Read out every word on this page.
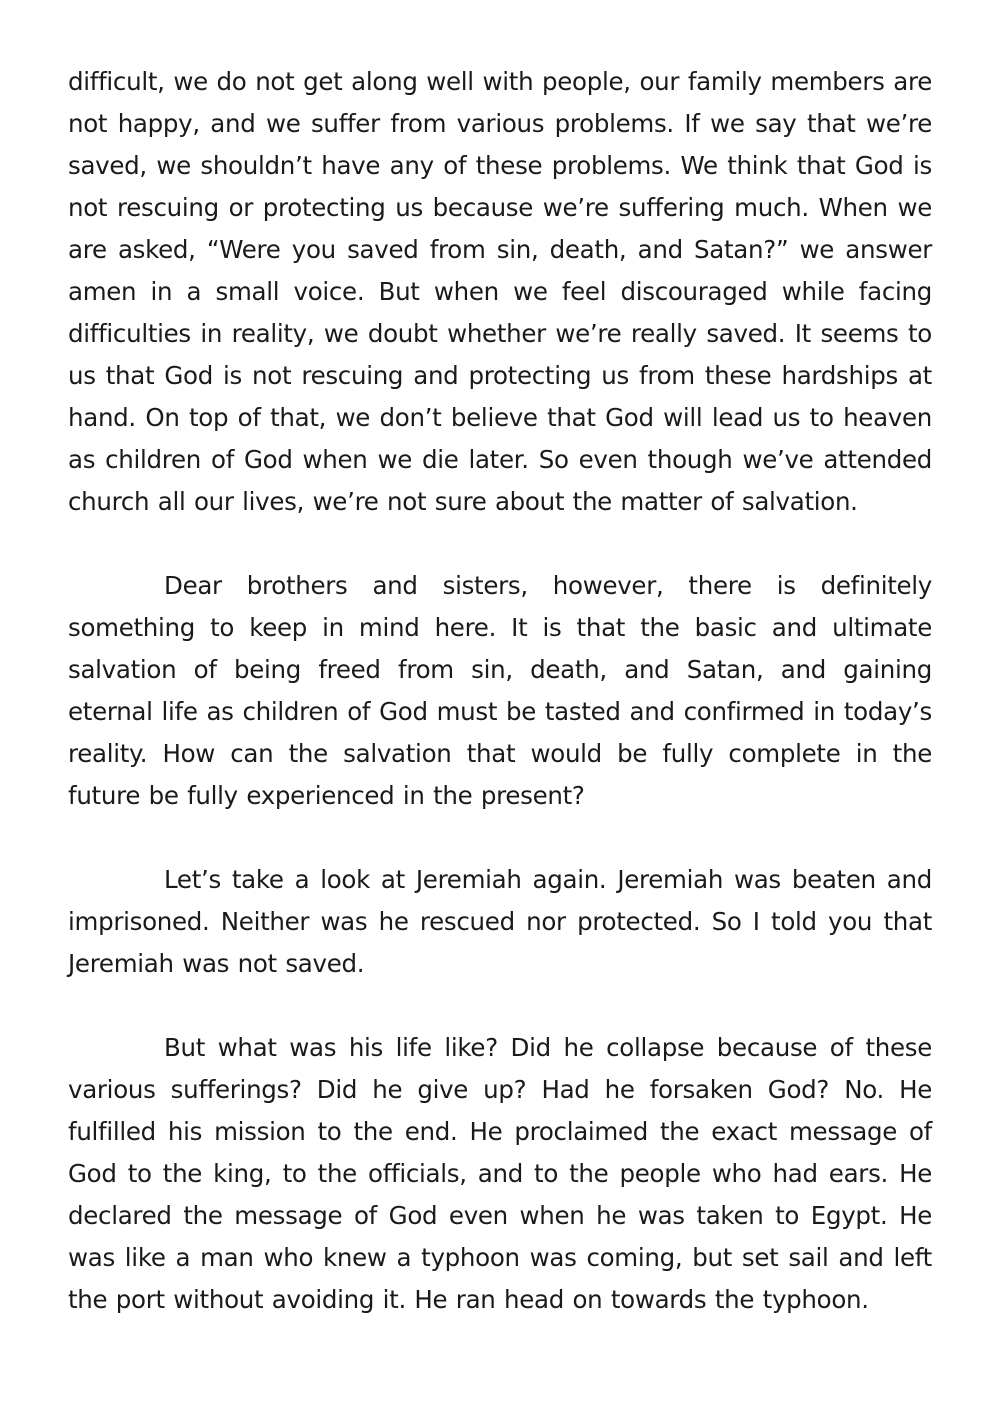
difficult, we do not get along well with people, our family members are not happy, and we suffer from various problems. If we say that we’re saved, we shouldn’t have any of these problems. We think that God is not rescuing or protecting us because we’re suffering much. When we are asked, “Were you saved from sin, death, and Satan?” we answer amen in a small voice. But when we feel discouraged while facing difficulties in reality, we doubt whether we’re really saved. It seems to us that God is not rescuing and protecting us from these hardships at hand. On top of that, we don’t believe that God will lead us to heaven as children of God when we die later. So even though we’ve attended church all our lives, we’re not sure about the matter of salvation.

Dear brothers and sisters, however, there is definitely something to keep in mind here. It is that the basic and ultimate salvation of being freed from sin, death, and Satan, and gaining eternal life as children of God must be tasted and confirmed in today’s reality. How can the salvation that would be fully complete in the future be fully experienced in the present?

Let’s take a look at Jeremiah again. Jeremiah was beaten and imprisoned. Neither was he rescued nor protected. So I told you that Jeremiah was not saved.

But what was his life like? Did he collapse because of these various sufferings? Did he give up? Had he forsaken God? No. He fulfilled his mission to the end. He proclaimed the exact message of God to the king, to the officials, and to the people who had ears. He declared the message of God even when he was taken to Egypt. He was like a man who knew a typhoon was coming, but set sail and left the port without avoiding it. He ran head on towards the typhoon.
